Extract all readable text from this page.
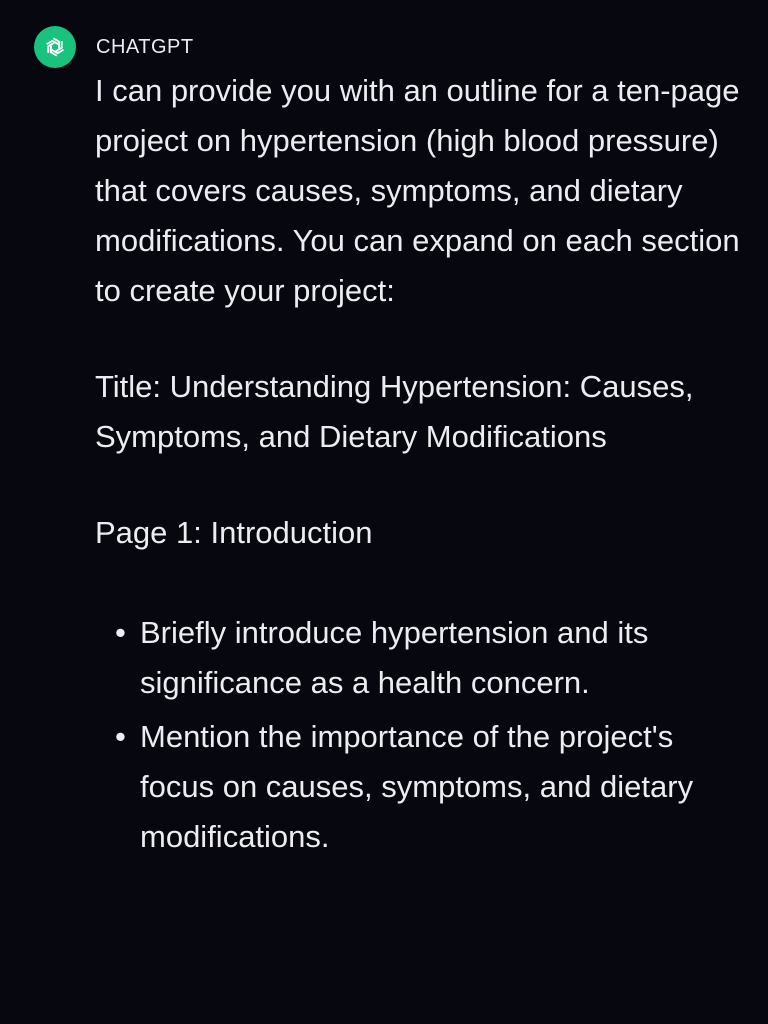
CHATGPT

I can provide you with an outline for a ten-page project on hypertension (high blood pressure) that covers causes, symptoms, and dietary modifications. You can expand on each section to create your project:

Title: Understanding Hypertension: Causes, Symptoms, and Dietary Modifications

Page 1: Introduction

• Briefly introduce hypertension and its significance as a health concern.
• Mention the importance of the project's focus on causes, symptoms, and dietary modifications.
